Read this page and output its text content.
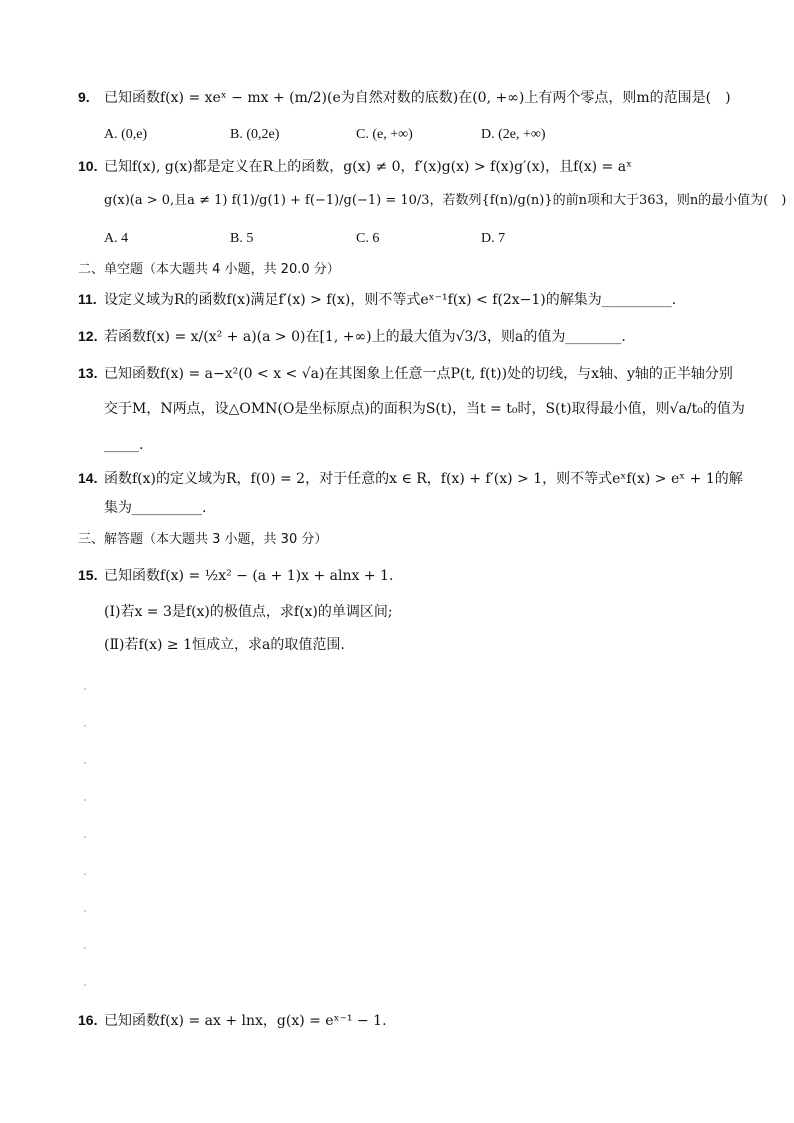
9. 已知函数f(x) = xeˣ − mx + (m/2)(e为自然对数的底数)在(0, +∞)上有两个零点，则m的范围是(　)
A. (0,e)	B. (0,2e)	C. (e, +∞)	D. (2e, +∞)
10. 已知f(x), g(x)都是定义在R上的函数，g(x) ≠ 0，f′(x)g(x) > f(x)g′(x)，且f(x) = aˣ
g(x)(a > 0,且a ≠ 1) f(1)/g(1) + f(−1)/g(−1) = 10/3，若数列{f(n)/g(n)}的前n项和大于363，则n的最小值为(　)
A. 4	B. 5	C. 6	D. 7
二、单空题（本大题共 4 小题，共 20.0 分）
11. 设定义域为R的函数f(x)满足f′(x) > f(x)，则不等式eˣ⁻¹f(x) < f(2x−1)的解集为__________.
12. 若函数f(x) = x/(x² + a)(a > 0)在[1, +∞)上的最大值为√3/3，则a的值为________.
13. 已知函数f(x) = a−x²(0 < x < √a)在其图象上任意一点P(t, f(t))处的切线，与x轴、y轴的正半轴分别
交于M，N两点，设△OMN(O是坐标原点)的面积为S(t)，当t = t₀时，S(t)取得最小值，则√a/t₀的值为
_____.
14. 函数f(x)的定义域为R，f(0) = 2，对于任意的x ∈ R，f(x) + f′(x) > 1，则不等式eˣf(x) > eˣ + 1的解
集为__________.
三、解答题（本大题共 3 小题，共 30 分）
15. 已知函数f(x) = ½x² − (a + 1)x + alnx + 1.
(Ⅰ)若x = 3是f(x)的极值点，求f(x)的单调区间;
(Ⅱ)若f(x) ≥ 1恒成立，求a的取值范围.
16. 已知函数f(x) = ax + lnx，g(x) = eˣ⁻¹ − 1.
